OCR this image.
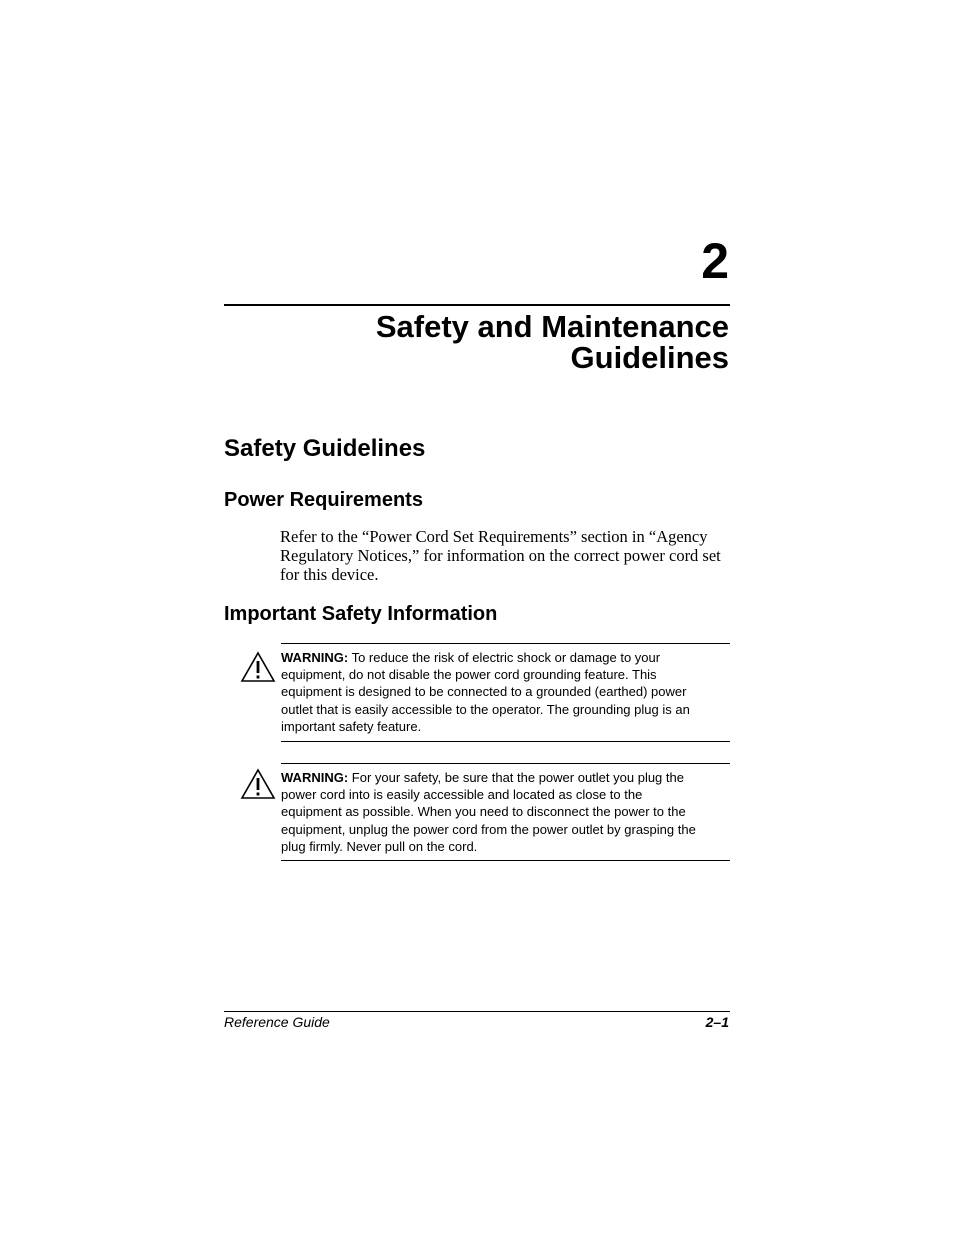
2
Safety and Maintenance
Guidelines
Safety Guidelines
Power Requirements
Refer to the “Power Cord Set Requirements” section in “Agency Regulatory Notices,” for information on the correct power cord set for this device.
Important Safety Information
WARNING: To reduce the risk of electric shock or damage to your equipment, do not disable the power cord grounding feature. This equipment is designed to be connected to a grounded (earthed) power outlet that is easily accessible to the operator. The grounding plug is an important safety feature.
WARNING: For your safety, be sure that the power outlet you plug the power cord into is easily accessible and located as close to the equipment as possible. When you need to disconnect the power to the equipment, unplug the power cord from the power outlet by grasping the plug firmly. Never pull on the cord.
Reference Guide	2–1
